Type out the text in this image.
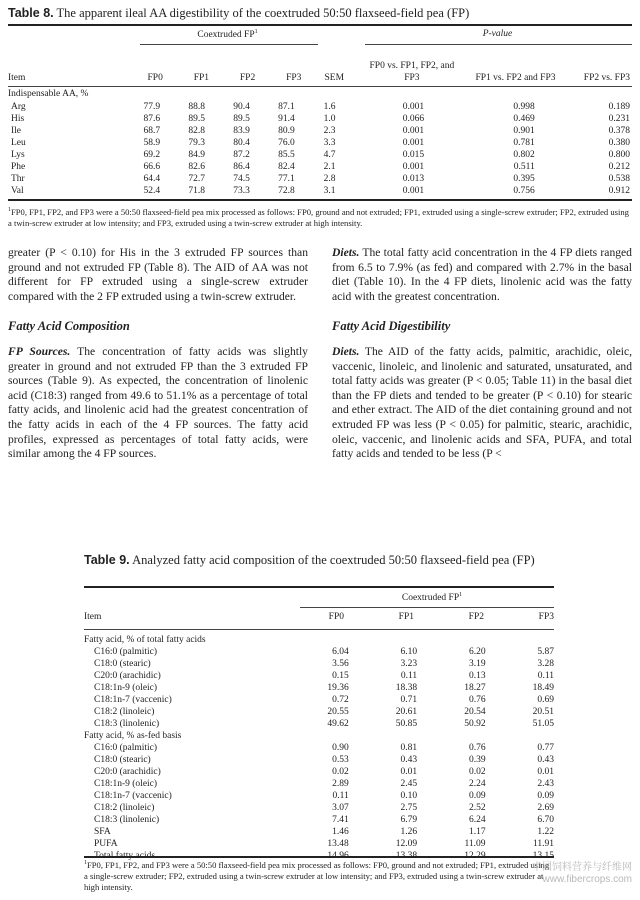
Table 8. The apparent ileal AA digestibility of the coextruded 50:50 flaxseed-field pea (FP)
Coextruded $FP^1$	P-value
Item	FP0	FP1	FP2	FP3	SEM	FP0 vs. FP1, FP2, and FP3	FP1 vs. FP2 and FP3	FP2 vs. FP3
Indispensable AA, %
Arg	77.9	88.8	90.4	87.1	1.6	0.001	0.998	0.189
His	87.6	89.5	89.5	91.4	1.0	0.066	0.469	0.231
Ile	68.7	82.8	83.9	80.9	2.3	0.001	0.901	0.378
Leu	58.9	79.3	80.4	76.0	3.3	0.001	0.781	0.380
Lys	69.2	84.9	87.2	85.5	4.7	0.015	0.802	0.800
Phe	66.6	82.6	86.4	82.4	2.1	0.001	0.511	0.212
Thr	64.4	72.7	74.5	77.1	2.8	0.013	0.395	0.538
Val	52.4	71.8	73.3	72.8	3.1	0.001	0.756	0.912
$^1$FP0, FP1, FP2, and FP3 were a 50:50 flaxseed-field pea mix processed as follows: FP0, ground and not extruded; FP1, extruded using a single-screw extruder; FP2, extruded using a twin-screw extruder at low intensity; and FP3, extruded using a twin-screw extruder at high intensity.

greater (P < 0.10) for His in the 3 extruded FP sources than ground and not extruded FP (Table 8). The AID of AA was not different for FP extruded using a single-screw extruder compared with the 2 FP extruded using a twin-screw extruder.

Fatty Acid Composition

FP Sources. The concentration of fatty acids was slightly greater in ground and not extruded FP than the 3 extruded FP sources (Table 9). As expected, the concentration of linolenic acid (C18:3) ranged from 49.6 to 51.1% as a percentage of total fatty acids, and linolenic acid had the greatest concentration of the fatty acids in each of the 4 FP sources. The fatty acid profiles, expressed as percentages of total fatty acids, were similar among the 4 FP sources.

Diets. The total fatty acid concentration in the 4 FP diets ranged from 6.5 to 7.9% (as fed) and compared with 2.7% in the basal diet (Table 10). In the 4 FP diets, linolenic acid was the fatty acid with the greatest concentration.

Fatty Acid Digestibility

Diets. The AID of the fatty acids, palmitic, arachidic, oleic, vaccenic, linoleic, and linolenic and saturated, unsaturated, and total fatty acids was greater (P < 0.05; Table 11) in the basal diet than the FP diets and tended to be greater (P < 0.10) for stearic and ether extract. The AID of the diet containing ground and not extruded FP was less (P < 0.05) for palmitic, stearic, arachidic, oleic, vaccenic, and linolenic acids and SFA, PUFA, and total fatty acids and tended to be less (P <

Table 9. Analyzed fatty acid composition of the coextruded 50:50 flaxseed-field pea (FP)
Coextruded $FP^1$
Item	FP0	FP1	FP2	FP3
Fatty acid, % of total fatty acids				
C16:0 (palmitic)	6.04	6.10	6.20	5.87
C18:0 (stearic)	3.56	3.23	3.19	3.28
C20:0 (arachidic)	0.15	0.11	0.13	0.11
C18:1n-9 (oleic)	19.36	18.38	18.27	18.49
C18:1n-7 (vaccenic)	0.72	0.71	0.76	0.69
C18:2 (linoleic)	20.55	20.61	20.54	20.51
C18:3 (linolenic)	49.62	50.85	50.92	51.05
Fatty acid, % as-fed basis				
C16:0 (palmitic)	0.90	0.81	0.76	0.77
C18:0 (stearic)	0.53	0.43	0.39	0.43
C20:0 (arachidic)	0.02	0.01	0.02	0.01
C18:1n-9 (oleic)	2.89	2.45	2.24	2.43
C18:1n-7 (vaccenic)	0.11	0.10	0.09	0.09
C18:2 (linoleic)	3.07	2.75	2.52	2.69
C18:3 (linolenic)	7.41	6.79	6.24	6.70
SFA	1.46	1.26	1.17	1.22
PUFA	13.48	12.09	11.09	11.91
Total fatty acids	14.96	13.38	12.29	13.15
$^1$FP0, FP1, FP2, and FP3 were a 50:50 flaxseed-field pea mix processed as follows: FP0, ground and not extruded; FP1, extruded using a single-screw extruder; FP2, extruded using a twin-screw extruder at low intensity; and FP3, extruded using a twin-screw extruder at high intensity.
中国饲料营养与纤维网
www.fibercrops.com
